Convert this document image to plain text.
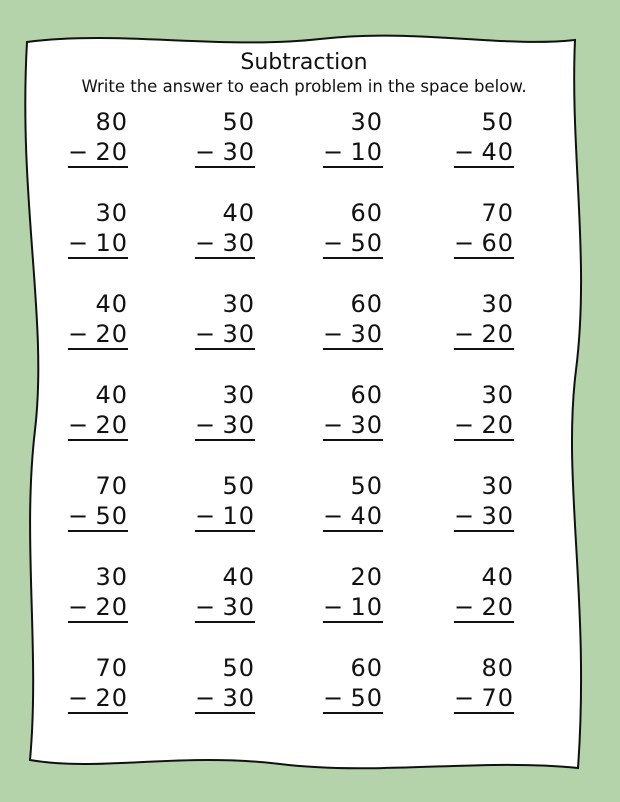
Subtraction
Write the answer to each problem in the space below.
80
− 20
50
− 30
30
− 10
50
− 40
30
− 10
40
− 30
60
− 50
70
− 60
40
− 20
30
− 30
60
− 30
30
− 20
40
− 20
30
− 30
60
− 30
30
− 20
70
− 50
50
− 10
50
− 40
30
− 30
30
− 20
40
− 30
20
− 10
40
− 20
70
− 20
50
− 30
60
− 50
80
− 70
